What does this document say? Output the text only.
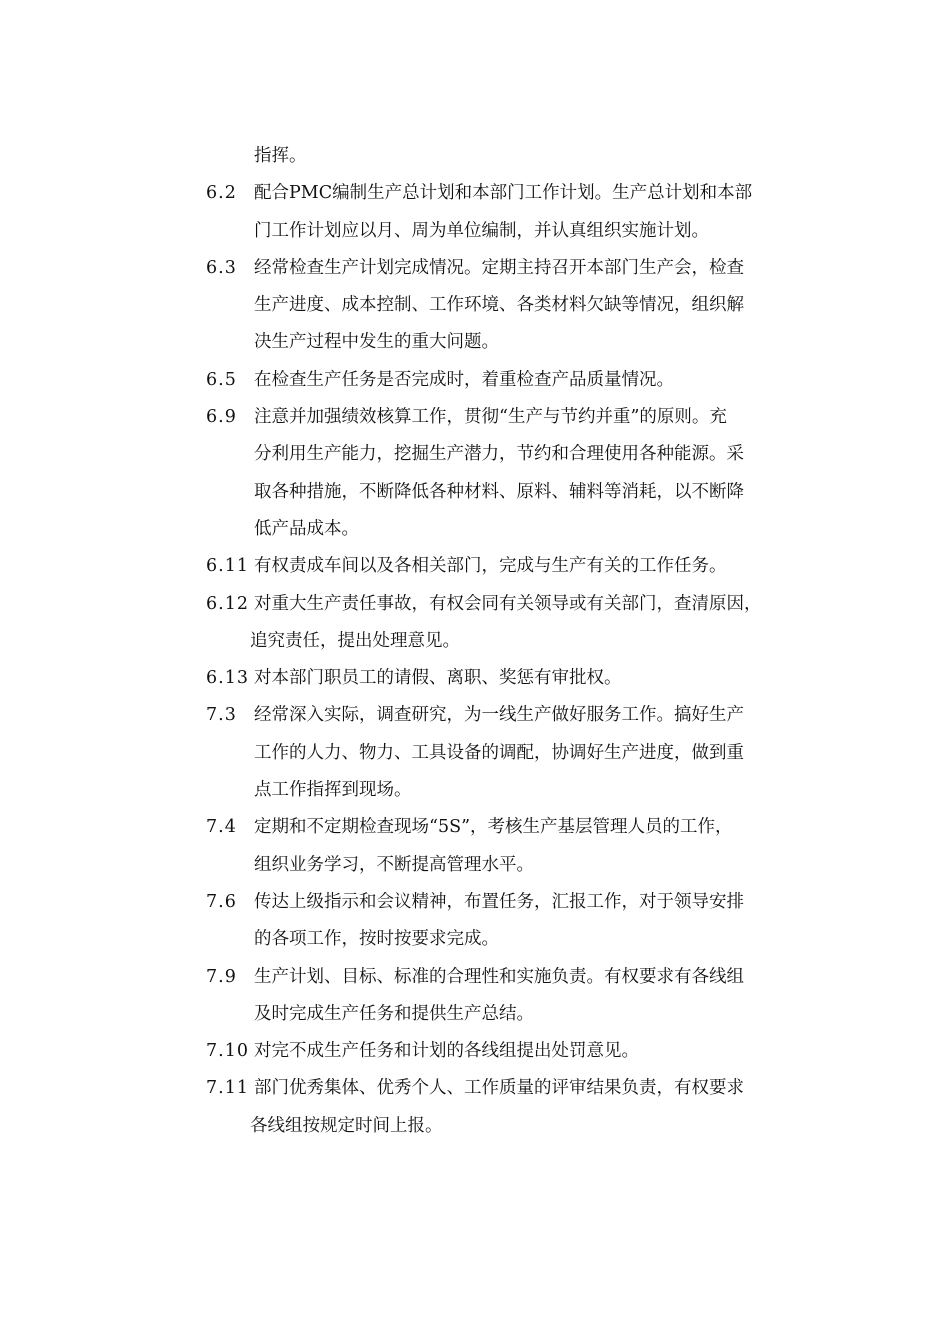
指挥。
6.2 配合PMC编制生产总计划和本部门工作计划。生产总计划和本部
门工作计划应以月、周为单位编制，并认真组织实施计划。
6.3 经常检查生产计划完成情况。定期主持召开本部门生产会，检查
生产进度、成本控制、工作环境、各类材料欠缺等情况，组织解
决生产过程中发生的重大问题。
6.5 在检查生产任务是否完成时，着重检查产品质量情况。
6.9 注意并加强绩效核算工作，贯彻“生产与节约并重”的原则。充
分利用生产能力，挖掘生产潜力，节约和合理使用各种能源。采
取各种措施，不断降低各种材料、原料、辅料等消耗，以不断降
低产品成本。
6.11 有权责成车间以及各相关部门，完成与生产有关的工作任务。
6.12 对重大生产责任事故，有权会同有关领导或有关部门，查清原因，
追究责任，提出处理意见。
6.13 对本部门职员工的请假、离职、奖惩有审批权。
7.3 经常深入实际，调查研究，为一线生产做好服务工作。搞好生产
工作的人力、物力、工具设备的调配，协调好生产进度，做到重
点工作指挥到现场。
7.4 定期和不定期检查现场“5S”，考核生产基层管理人员的工作，
组织业务学习，不断提高管理水平。
7.6 传达上级指示和会议精神，布置任务，汇报工作，对于领导安排
的各项工作，按时按要求完成。
7.9 生产计划、目标、标准的合理性和实施负责。有权要求有各线组
及时完成生产任务和提供生产总结。
7.10 对完不成生产任务和计划的各线组提出处罚意见。
7.11 部门优秀集体、优秀个人、工作质量的评审结果负责，有权要求
各线组按规定时间上报。
